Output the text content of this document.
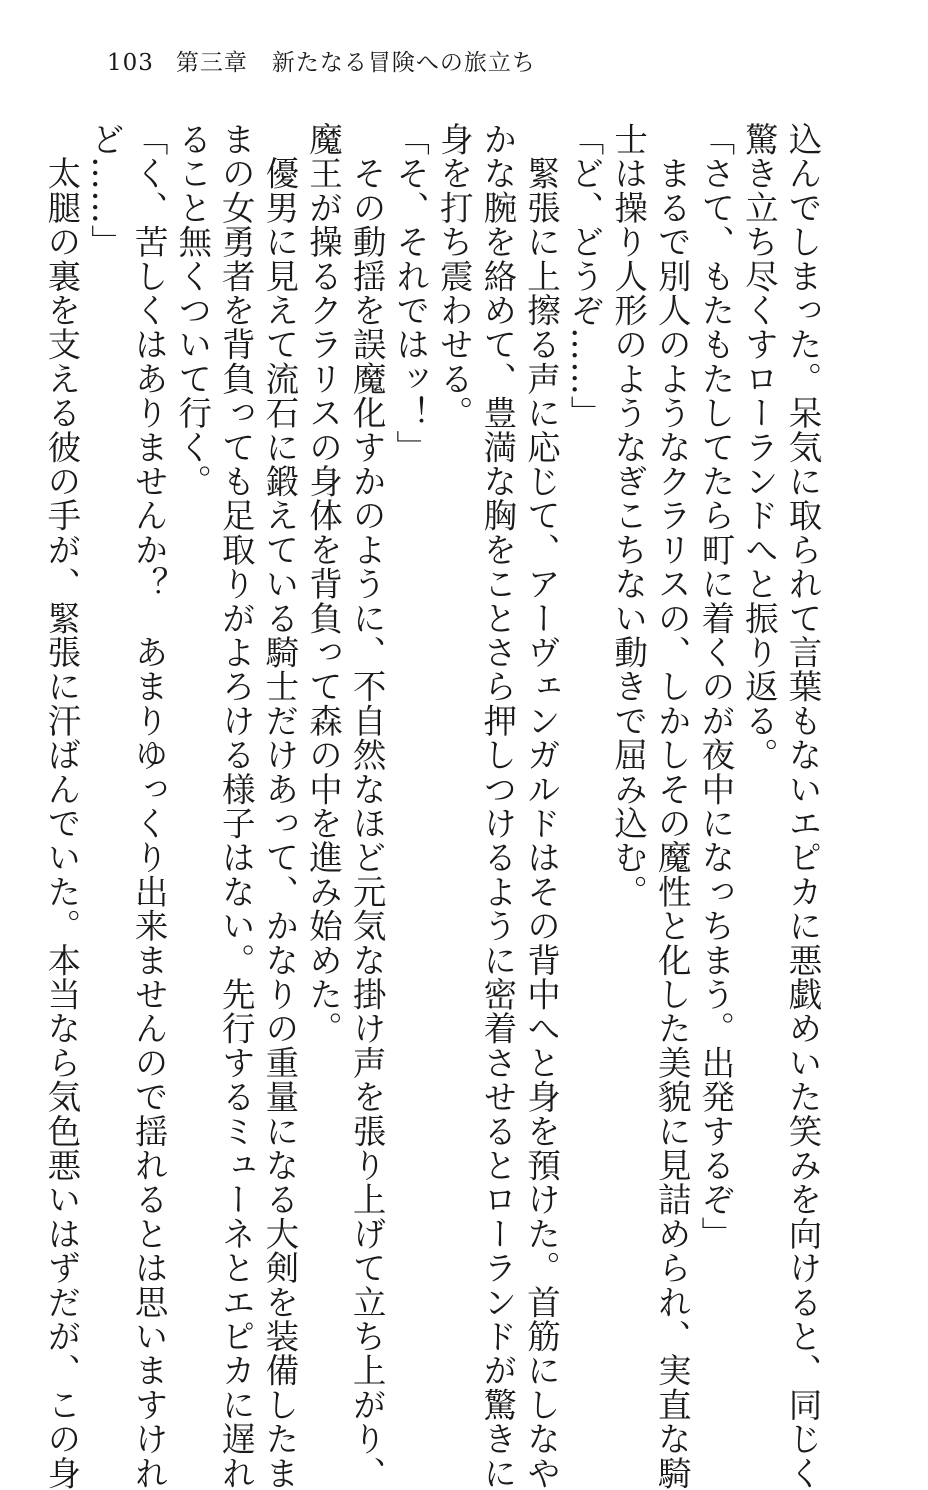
103 第三章　新たなる冒険への旅立ち
込んでしまった。呆気に取られて言葉もないエピカに悪戯めいた笑みを向けると、同じく
驚き立ち尽くすローランドへと振り返る。
「さて、もたもたしてたら町に着くのが夜中になっちまう。出発するぞ」
　まるで別人のようなクラリスの、しかしその魔性と化した美貌に見詰められ、実直な騎
士は操り人形のようなぎこちない動きで屈み込む。
「ど、どうぞ……」
　緊張に上擦る声に応じて、アーヴェンガルドはその背中へと身を預けた。首筋にしなや
かな腕を絡めて、豊満な胸をことさら押しつけるように密着させるとローランドが驚きに
身を打ち震わせる。
「そ、それではッ！」
　その動揺を誤魔化すかのように、不自然なほど元気な掛け声を張り上げて立ち上がり、
魔王が操るクラリスの身体を背負って森の中を進み始めた。
　優男に見えて流石に鍛えている騎士だけあって、かなりの重量になる大剣を装備したま
まの女勇者を背負っても足取りがよろける様子はない。先行するミューネとエピカに遅れ
ること無くついて行く。
「く、苦しくはありませんか？　あまりゆっくり出来ませんので揺れるとは思いますけれ
ど……」
　太腿の裏を支える彼の手が、緊張に汗ばんでいた。本当なら気色悪いはずだが、この身
